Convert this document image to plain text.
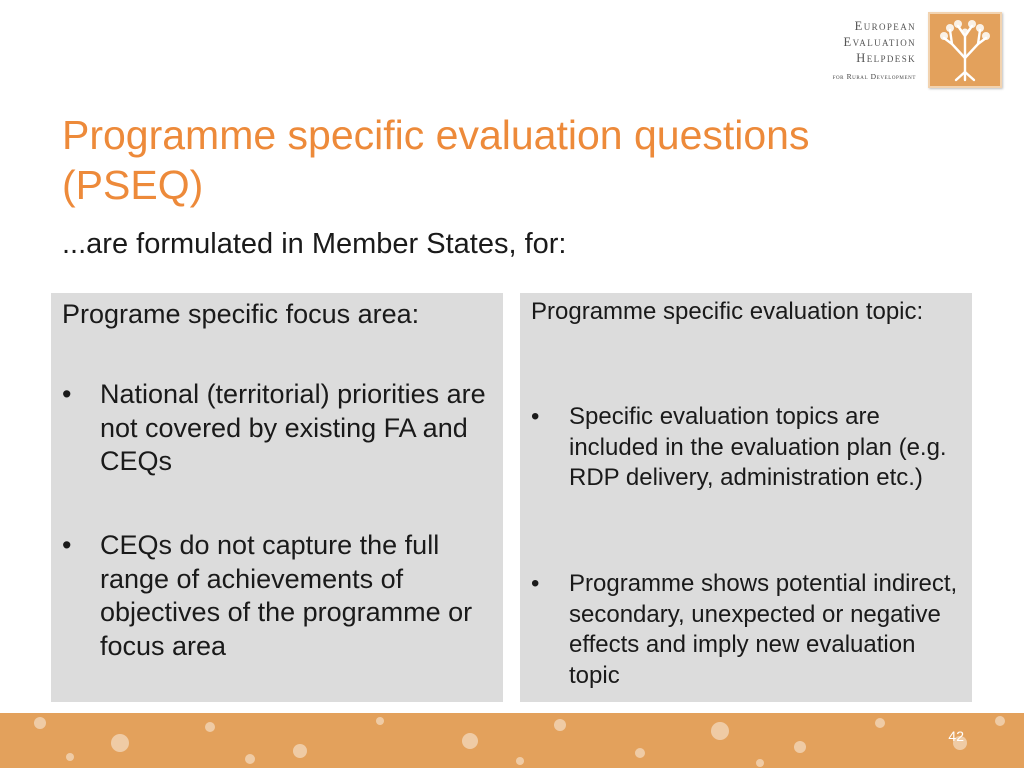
European
Evaluation
Helpdesk
for Rural Development
Programme specific evaluation questions (PSEQ)
...are formulated in Member States, for:
Programe specific focus area:
•	National (territorial) priorities are not covered by existing FA and CEQs
•	CEQs do not capture the full range of achievements of objectives of the programme or focus area
Programme specific evaluation topic:
•	Specific evaluation topics are included in the evaluation plan (e.g. RDP delivery, administration etc.)
•	Programme shows potential indirect, secondary, unexpected or negative effects and imply new evaluation topic
42
